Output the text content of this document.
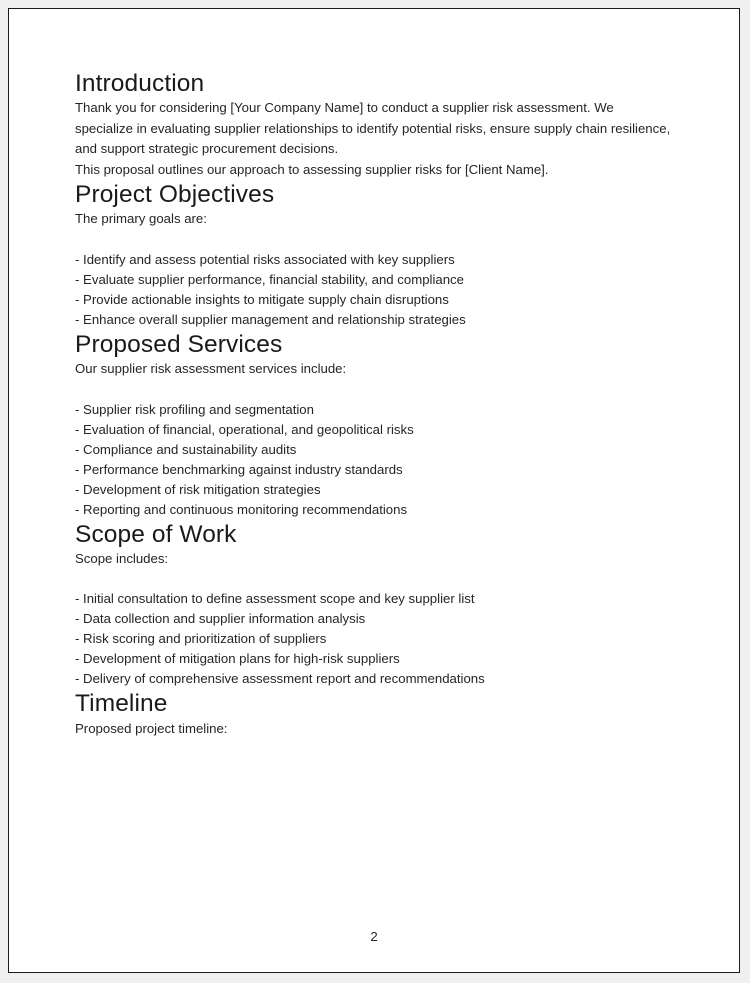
Introduction

Thank you for considering [Your Company Name] to conduct a supplier risk assessment. We specialize in evaluating supplier relationships to identify potential risks, ensure supply chain resilience, and support strategic procurement decisions.

This proposal outlines our approach to assessing supplier risks for [Client Name].

Project Objectives

The primary goals are:

- Identify and assess potential risks associated with key suppliers
- Evaluate supplier performance, financial stability, and compliance
- Provide actionable insights to mitigate supply chain disruptions
- Enhance overall supplier management and relationship strategies
Proposed Services

Our supplier risk assessment services include:

- Supplier risk profiling and segmentation
- Evaluation of financial, operational, and geopolitical risks
- Compliance and sustainability audits
- Performance benchmarking against industry standards
- Development of risk mitigation strategies
- Reporting and continuous monitoring recommendations
Scope of Work

Scope includes:

- Initial consultation to define assessment scope and key supplier list
- Data collection and supplier information analysis
- Risk scoring and prioritization of suppliers
- Development of mitigation plans for high-risk suppliers
- Delivery of comprehensive assessment report and recommendations
Timeline

Proposed project timeline:

2
